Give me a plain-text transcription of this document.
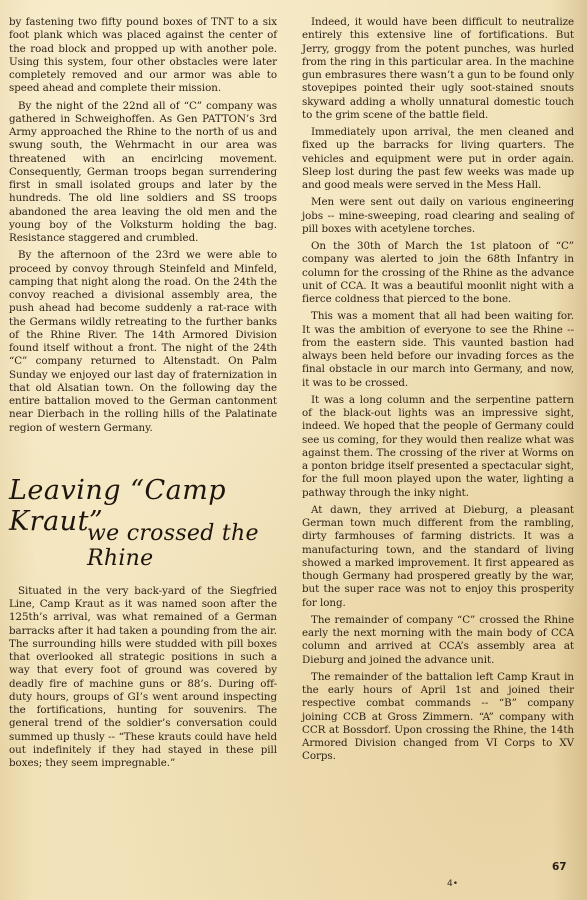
by fastening two fifty pound boxes of TNT to a six foot plank which was placed against the center of the road block and propped up with another pole. Using this system, four other obstacles were later completely removed and our armor was able to speed ahead and complete their mission.

By the night of the 22nd all of “C” company was gathered in Schweighoffen. As Gen PATTON’s 3rd Army approached the Rhine to the north of us and swung south, the Wehrmacht in our area was threatened with an encirlcing movement. Consequently, German troops began surrendering first in small isolated groups and later by the hundreds. The old line soldiers and SS troops abandoned the area leaving the old men and the young boy of the Volksturm holding the bag. Resistance staggered and crumbled.

By the afternoon of the 23rd we were able to proceed by convoy through Steinfeld and Minfeld, camping that night along the road. On the 24th the convoy reached a divisional assembly area, the push ahead had become suddenly a rat-race with the Germans wildly retreating to the further banks of the Rhine River. The 14th Armored Division found itself without a front. The night of the 24th “C” company returned to Altenstadt. On Palm Sunday we enjoyed our last day of fraternization in that old Alsatian town. On the following day the entire battalion moved to the German cantonment near Dierbach in the rolling hills of the Palatinate region of western Germany.

Leaving “Camp Kraut”
we crossed the Rhine

Situated in the very back-yard of the Siegfried Line, Camp Kraut as it was named soon after the 125th’s arrival, was what remained of a German barracks after it had taken a pounding from the air. The surrounding hills were studded with pill boxes that overlooked all strategic positions in such a way that every foot of ground was covered by deadly fire of machine guns or 88’s. During off-duty hours, groups of GI’s went around inspecting the fortifications, hunting for souvenirs. The general trend of the soldier’s conversation could summed up thusly -- “These krauts could have held out indefinitely if they had stayed in these pill boxes; they seem impregnable.”

Indeed, it would have been difficult to neutralize entirely this extensive line of fortifications. But Jerry, groggy from the potent punches, was hurled from the ring in this particular area. In the machine gun embrasures there wasn’t a gun to be found only stovepipes pointed their ugly soot-stained snouts skyward adding a wholly unnatural domestic touch to the grim scene of the battle field.

Immediately upon arrival, the men cleaned and fixed up the barracks for living quarters. The vehicles and equipment were put in order again. Sleep lost during the past few weeks was made up and good meals were served in the Mess Hall.

Men were sent out daily on various engineering jobs -- mine-sweeping, road clearing and sealing of pill boxes with acetylene torches.

On the 30th of March the 1st platoon of “C” company was alerted to join the 68th Infantry in column for the crossing of the Rhine as the advance unit of CCA. It was a beautiful moonlit night with a fierce coldness that pierced to the bone.

This was a moment that all had been waiting for. It was the ambition of everyone to see the Rhine -- from the eastern side. This vaunted bastion had always been held before our invading forces as the final obstacle in our march into Germany, and now, it was to be crossed.

It was a long column and the serpentine pattern of the black-out lights was an impressive sight, indeed. We hoped that the people of Germany could see us coming, for they would then realize what was against them. The crossing of the river at Worms on a ponton bridge itself presented a spectacular sight, for the full moon played upon the water, lighting a pathway through the inky night.

At dawn, they arrived at Dieburg, a pleasant German town much different from the rambling, dirty farmhouses of farming districts. It was a manufacturing town, and the standard of living showed a marked improvement. It first appeared as though Germany had prospered greatly by the war, but the super race was not to enjoy this prosperity for long.

The remainder of company “C” crossed the Rhine early the next morning with the main body of CCA column and arrived at CCA’s assembly area at Dieburg and joined the advance unit.

The remainder of the battalion left Camp Kraut in the early hours of April 1st and joined their respective combat commands -- “B” company joining CCB at Gross Zimmern. “A” company with CCR at Bossdorf. Upon crossing the Rhine, the 14th Armored Division changed from VI Corps to XV Corps.

67
4•
